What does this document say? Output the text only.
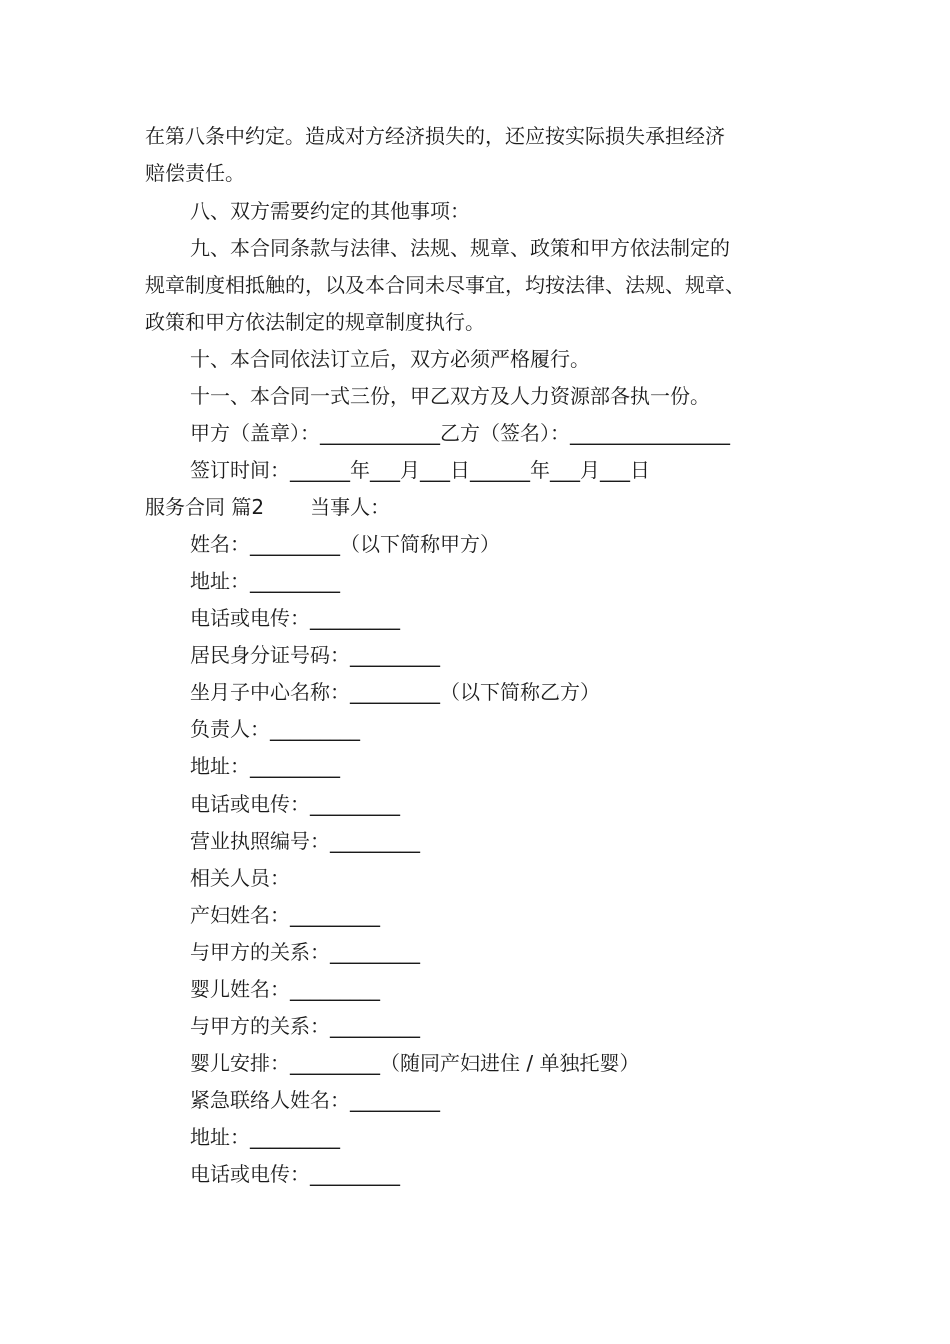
在第八条中约定。造成对方经济损失的，还应按实际损失承担经济
赔偿责任。
八、双方需要约定的其他事项：
九、本合同条款与法律、法规、规章、政策和甲方依法制定的
规章制度相抵触的，以及本合同未尽事宜，均按法律、法规、规章、
政策和甲方依法制定的规章制度执行。
十、本合同依法订立后，双方必须严格履行。
十一、本合同一式三份，甲乙双方及人力资源部各执一份。
甲方（盖章）：____________乙方（签名）：________________
签订时间：______年___月___日______年___月___日
服务合同 篇2 当事人：
姓名：_________（以下简称甲方）
地址：_________
电话或电传：_________
居民身分证号码：_________
坐月子中心名称：_________（以下简称乙方）
负责人：_________
地址：_________
电话或电传：_________
营业执照编号：_________
相关人员：
产妇姓名：_________
与甲方的关系：_________
婴儿姓名：_________
与甲方的关系：_________
婴儿安排：_________（随同产妇进住 / 单独托婴）
紧急联络人姓名：_________
地址：_________
电话或电传：_________
